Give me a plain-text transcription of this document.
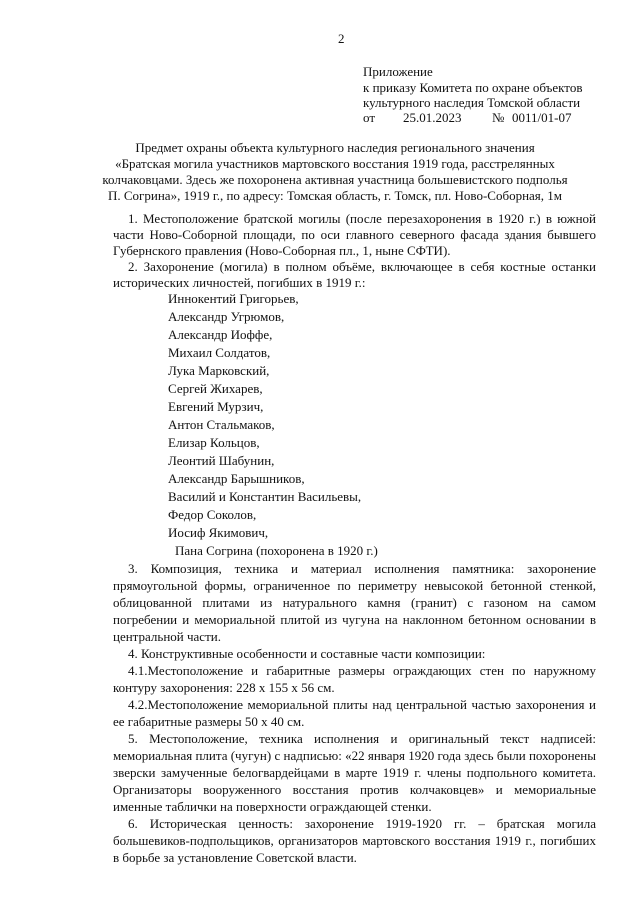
2
Приложение
к приказу Комитета по охране объектов
культурного наследия Томской области
от 25.01.2023 № 0011/01-07
Предмет охраны объекта культурного наследия регионального значения
«Братская могила участников мартовского восстания 1919 года, расстрелянных
колчаковцами. Здесь же похоронена активная участница большевистского подполья
П. Согрина», 1919 г., по адресу: Томская область, г. Томск, пл. Ново-Соборная, 1м
1. Местоположение братской могилы (после перезахоронения в 1920 г.) в южной
части Ново-Соборной площади, по оси главного северного фасада здания бывшего
Губернского правления (Ново-Соборная пл., 1, ныне СФТИ).
2. Захоронение (могила) в полном объёме, включающее в себя костные останки
исторических личностей, погибших в 1919 г.:
Иннокентий Григорьев,
Александр Угрюмов,
Александр Иоффе,
Михаил Солдатов,
Лука Марковский,
Сергей Жихарев,
Евгений Мурзич,
Антон Стальмаков,
Елизар Кольцов,
Леонтий Шабунин,
Александр Барышников,
Василий и Константин Васильевы,
Федор Соколов,
Иосиф Якимович,
Пана Согрина (похоронена в 1920 г.)
3. Композиция, техника и материал исполнения памятника: захоронение
прямоугольной формы, ограниченное по периметру невысокой бетонной стенкой,
облицованной плитами из натурального камня (гранит) с газоном на самом
погребении и мемориальной плитой из чугуна на наклонном бетонном основании в
центральной части.
4. Конструктивные особенности и составные части композиции:
4.1.Местоположение и габаритные размеры ограждающих стен по наружному
контуру захоронения: 228 х 155 х 56 см.
4.2.Местоположение мемориальной плиты над центральной частью захоронения и
ее габаритные размеры 50 х 40 см.
5. Местоположение, техника исполнения и оригинальный текст надписей:
мемориальная плита (чугун) с надписью: «22 января 1920 года здесь были похоронены
зверски замученные белогвардейцами в марте 1919 г. члены подпольного комитета.
Организаторы вооруженного восстания против колчаковцев» и мемориальные
именные таблички на поверхности ограждающей стенки.
6. Историческая ценность: захоронение 1919-1920 гг. – братская могила
большевиков-подпольщиков, организаторов мартовского восстания 1919 г., погибших
в борьбе за установление Советской власти.
